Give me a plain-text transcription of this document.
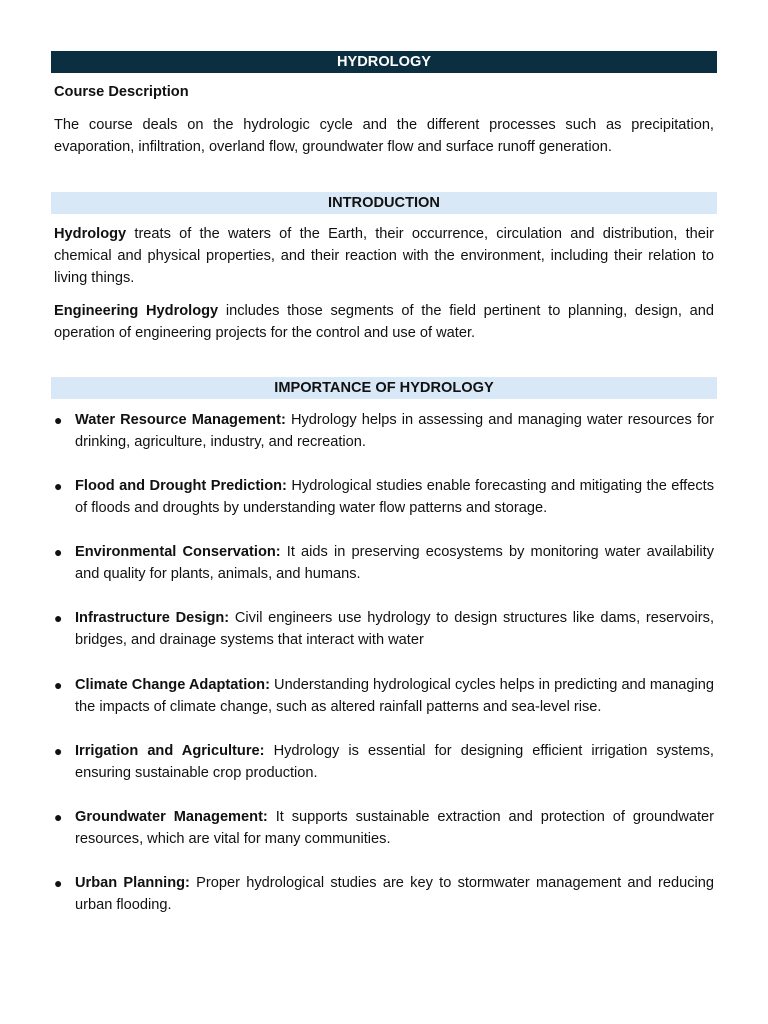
HYDROLOGY

Course Description

The course deals on the hydrologic cycle and the different processes such as precipitation, evaporation, infiltration, overland flow, groundwater flow and surface runoff generation.

INTRODUCTION

Hydrology treats of the waters of the Earth, their occurrence, circulation and distribution, their chemical and physical properties, and their reaction with the environment, including their relation to living things.

Engineering Hydrology includes those segments of the field pertinent to planning, design, and operation of engineering projects for the control and use of water.

IMPORTANCE OF HYDROLOGY
● Water Resource Management: Hydrology helps in assessing and managing water resources for drinking, agriculture, industry, and recreation.
● Flood and Drought Prediction: Hydrological studies enable forecasting and mitigating the effects of floods and droughts by understanding water flow patterns and storage.
● Environmental Conservation: It aids in preserving ecosystems by monitoring water availability and quality for plants, animals, and humans.
● Infrastructure Design: Civil engineers use hydrology to design structures like dams, reservoirs, bridges, and drainage systems that interact with water
● Climate Change Adaptation: Understanding hydrological cycles helps in predicting and managing the impacts of climate change, such as altered rainfall patterns and sea-level rise.
● Irrigation and Agriculture: Hydrology is essential for designing efficient irrigation systems, ensuring sustainable crop production.
● Groundwater Management: It supports sustainable extraction and protection of groundwater resources, which are vital for many communities.
● Urban Planning: Proper hydrological studies are key to stormwater management and reducing urban flooding.
